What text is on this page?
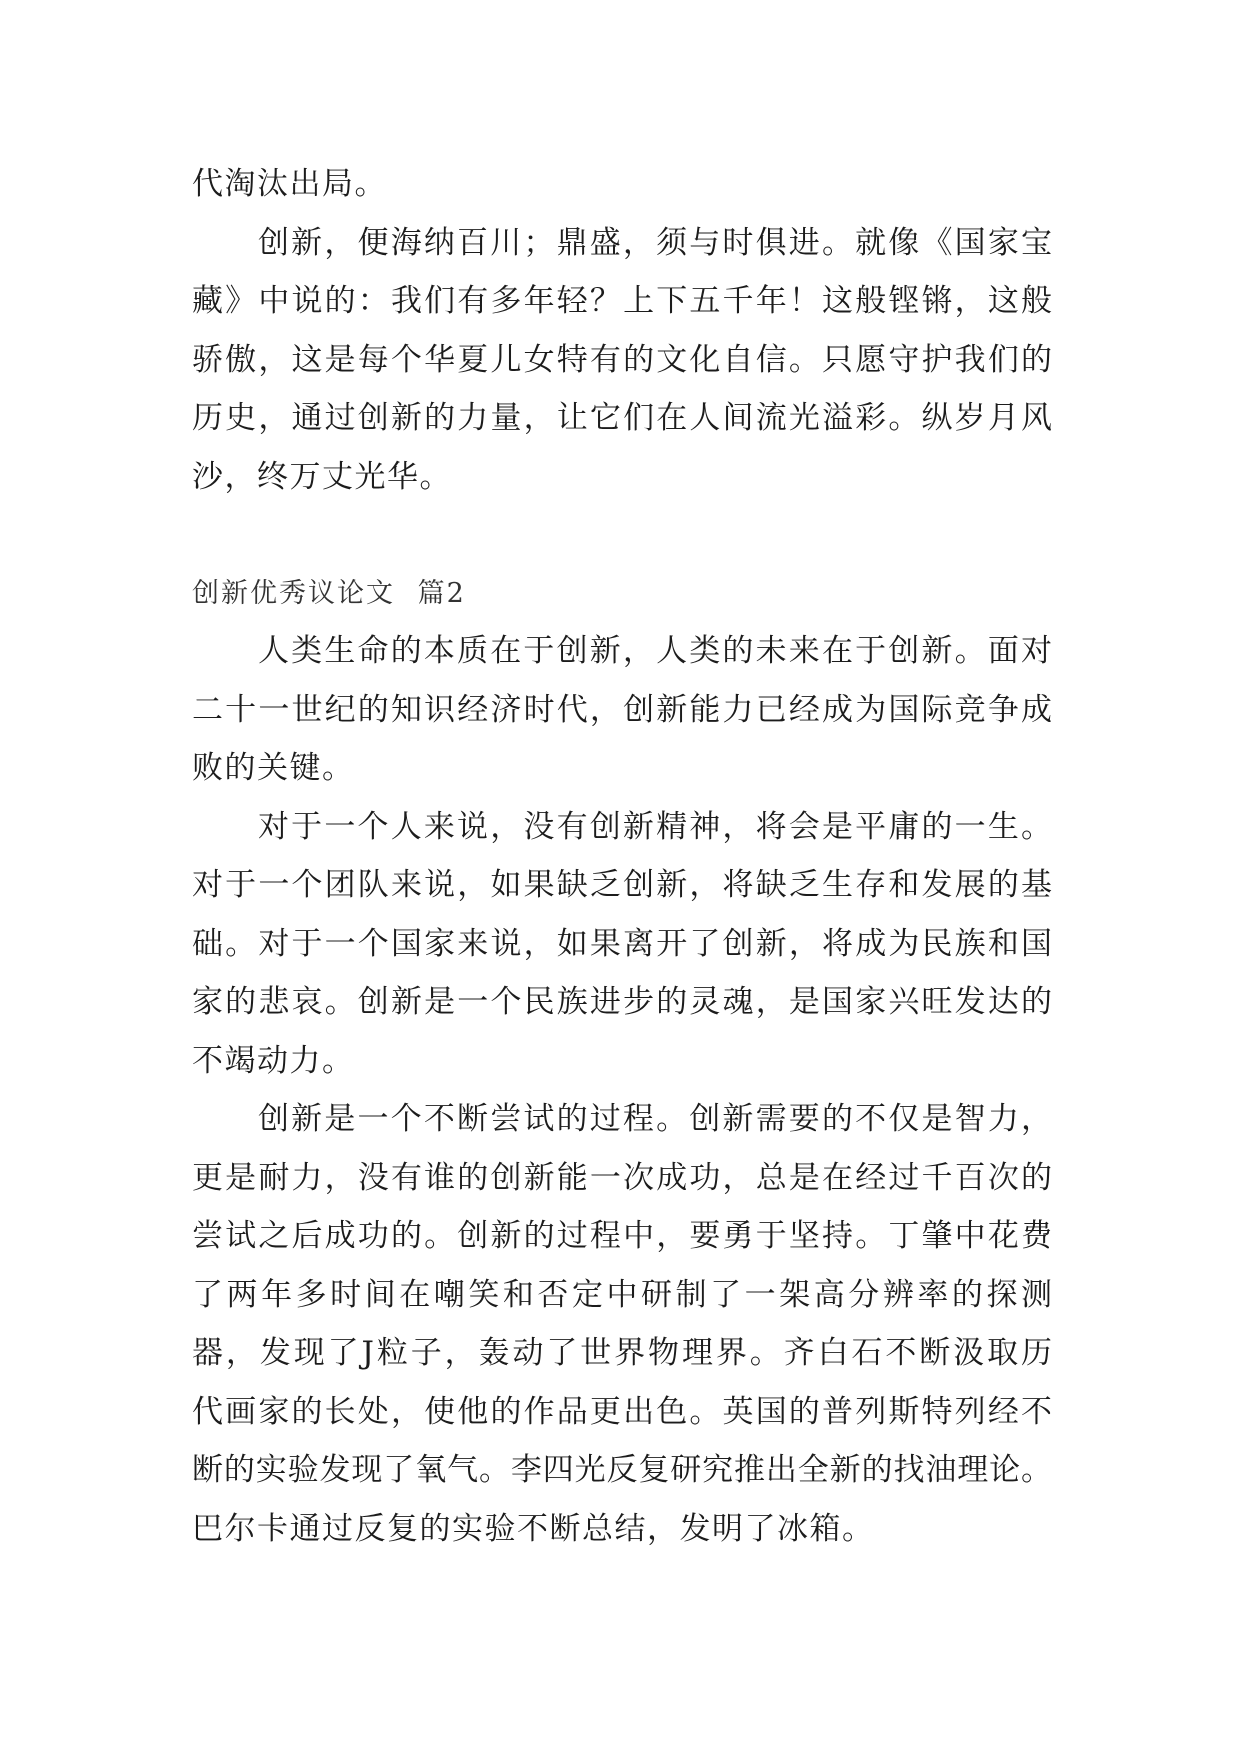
代淘汰出局。
创新，便海纳百川；鼎盛，须与时俱进。就像《国家宝
藏》中说的：我们有多年轻？上下五千年！这般铿锵，这般
骄傲，这是每个华夏儿女特有的文化自信。只愿守护我们的
历史，通过创新的力量，让它们在人间流光溢彩。纵岁月风
沙，终万丈光华。
创新优秀议论文 篇2
人类生命的本质在于创新，人类的未来在于创新。面对
二十一世纪的知识经济时代，创新能力已经成为国际竞争成
败的关键。
对于一个人来说，没有创新精神，将会是平庸的一生。
对于一个团队来说，如果缺乏创新，将缺乏生存和发展的基
础。对于一个国家来说，如果离开了创新，将成为民族和国
家的悲哀。创新是一个民族进步的灵魂，是国家兴旺发达的
不竭动力。
创新是一个不断尝试的过程。创新需要的不仅是智力，
更是耐力，没有谁的创新能一次成功，总是在经过千百次的
尝试之后成功的。创新的过程中，要勇于坚持。丁肇中花费
了两年多时间在嘲笑和否定中研制了一架高分辨率的探测
器，发现了J粒子，轰动了世界物理界。齐白石不断汲取历
代画家的长处，使他的作品更出色。英国的普列斯特列经不
断的实验发现了氧气。李四光反复研究推出全新的找油理论。
巴尔卡通过反复的实验不断总结，发明了冰箱。
